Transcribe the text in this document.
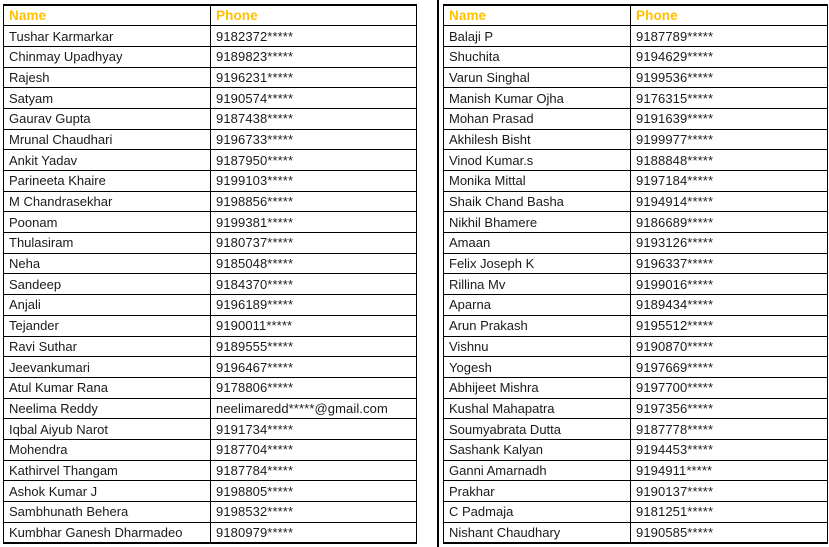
Name	Phone
Tushar Karmarkar	9182372*****
Chinmay Upadhyay	9189823*****
Rajesh	9196231*****
Satyam	9190574*****
Gaurav Gupta	9187438*****
Mrunal Chaudhari	9196733*****
Ankit Yadav	9187950*****
Parineeta Khaire	9199103*****
M Chandrasekhar	9198856*****
Poonam	9199381*****
Thulasiram	9180737*****
Neha	9185048*****
Sandeep	9184370*****
Anjali	9196189*****
Tejander	9190011*****
Ravi Suthar	9189555*****
Jeevankumari	9196467*****
Atul Kumar Rana	9178806*****
Neelima Reddy	neelimaredd*****@gmail.com
Iqbal Aiyub Narot	9191734*****
Mohendra	9187704*****
Kathirvel Thangam	9187784*****
Ashok Kumar J	9198805*****
Sambhunath Behera	9198532*****
Kumbhar Ganesh Dharmadeo	9180979*****
Name	Phone
Balaji P	9187789*****
Shuchita	9194629*****
Varun Singhal	9199536*****
Manish Kumar Ojha	9176315*****
Mohan Prasad	9191639*****
Akhilesh Bisht	9199977*****
Vinod Kumar.s	9188848*****
Monika Mittal	9197184*****
Shaik Chand Basha	9194914*****
Nikhil Bhamere	9186689*****
Amaan	9193126*****
Felix Joseph K	9196337*****
Rillina Mv	9199016*****
Aparna	9189434*****
Arun Prakash	9195512*****
Vishnu	9190870*****
Yogesh	9197669*****
Abhijeet Mishra	9197700*****
Kushal Mahapatra	9197356*****
Soumyabrata Dutta	9187778*****
Sashank Kalyan	9194453*****
Ganni Amarnadh	9194911*****
Prakhar	9190137*****
C Padmaja	9181251*****
Nishant Chaudhary	9190585*****
